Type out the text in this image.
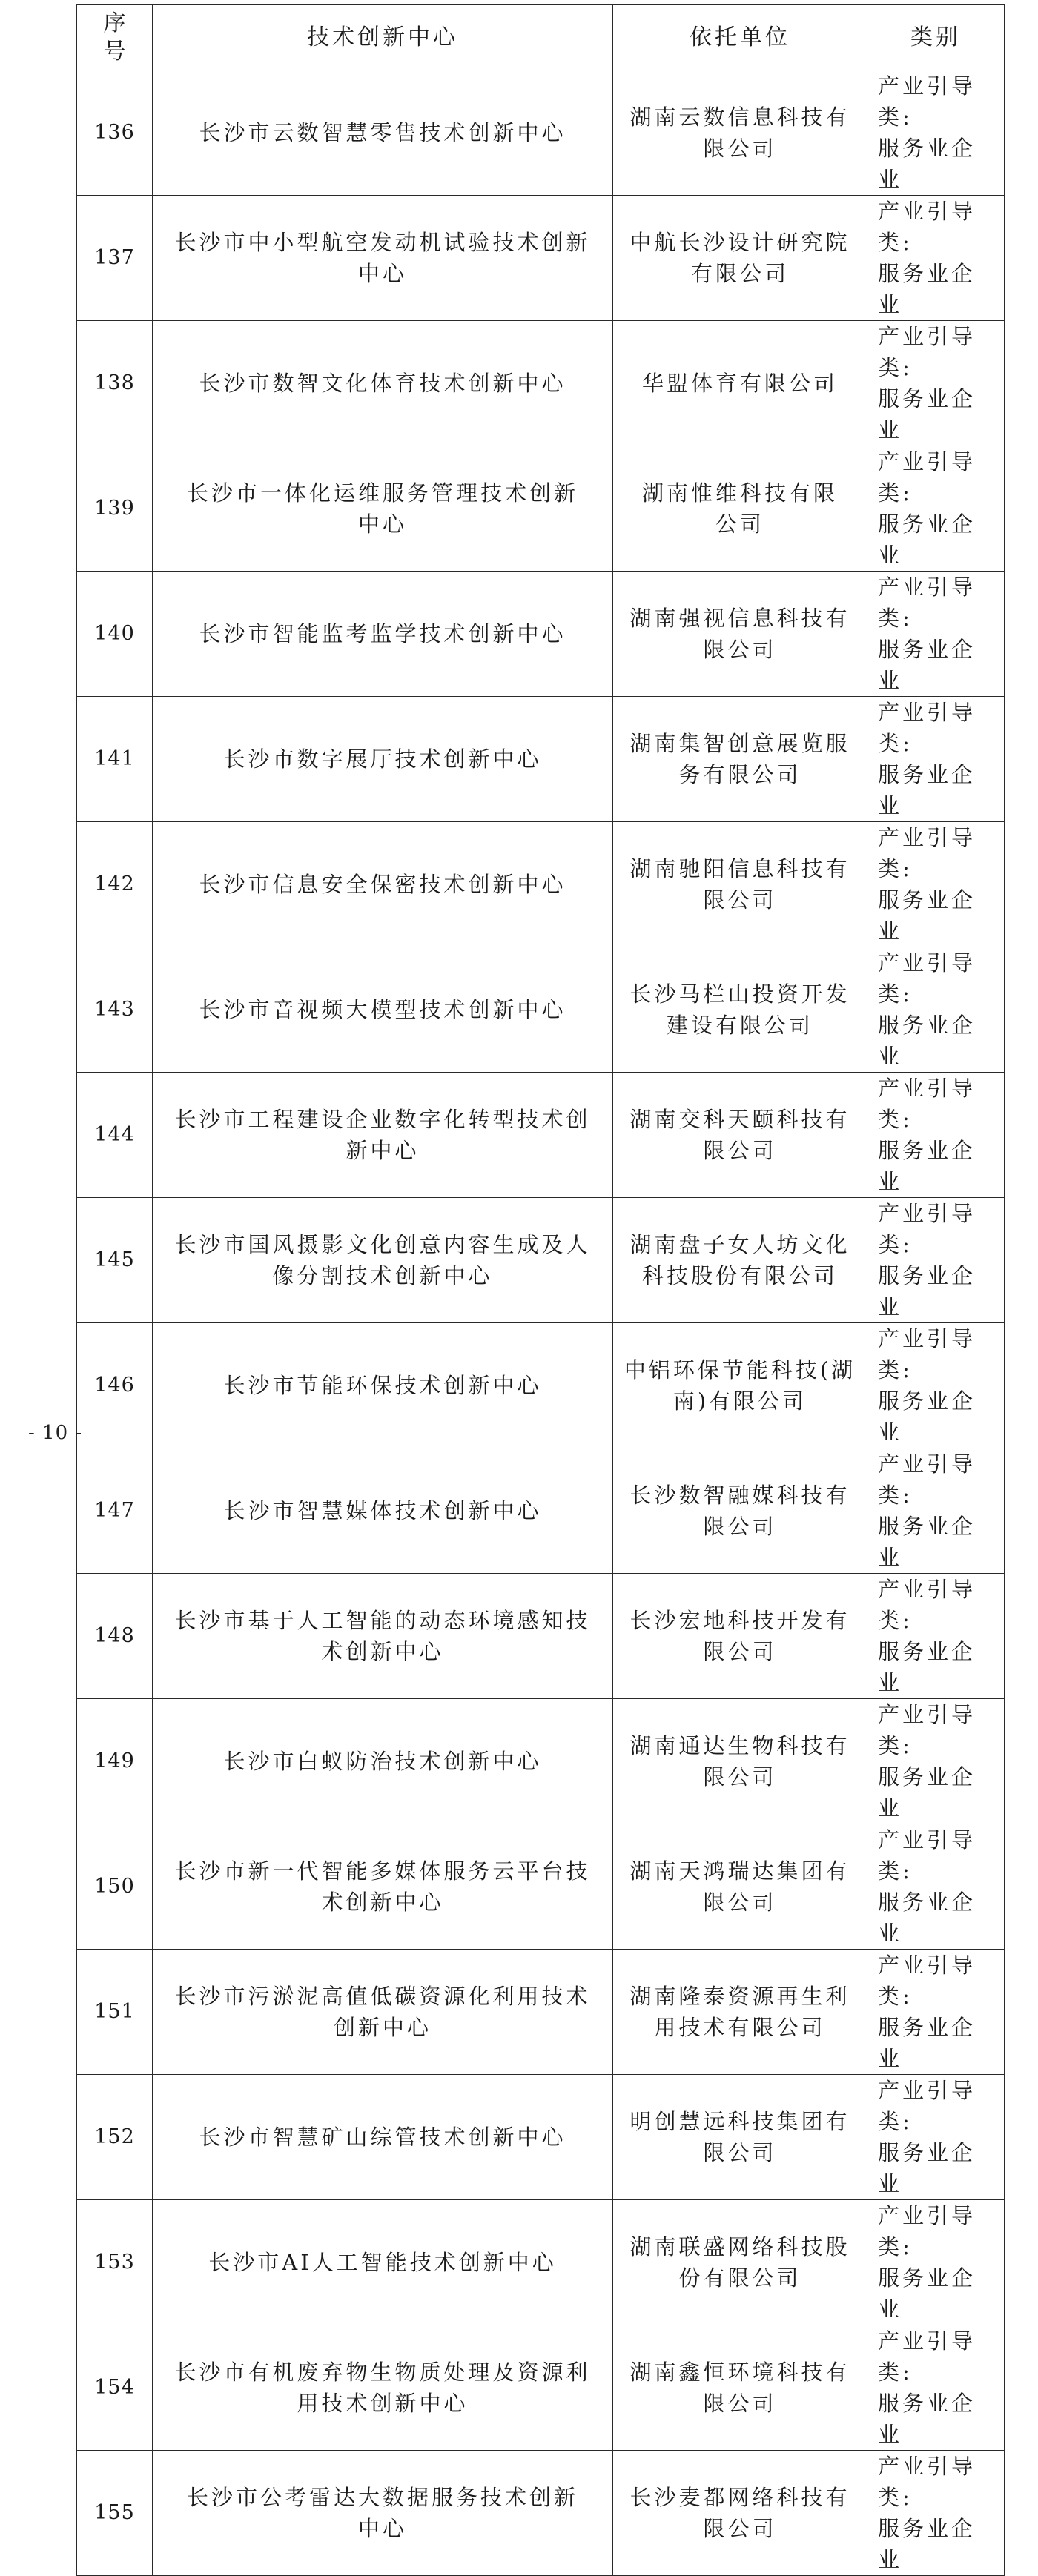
序
号	技术创新中心	依托单位	类别
136	长沙市云数智慧零售技术创新中心	湖南云数信息科技有
限公司	产业引导类:
服务业企业

137	长沙市中小型航空发动机试验技术创新
中心	中航长沙设计研究院
有限公司	产业引导类:
服务业企业

138	长沙市数智文化体育技术创新中心	华盟体育有限公司	产业引导类:
服务业企业

139	长沙市一体化运维服务管理技术创新
中心	湖南惟维科技有限
公司	产业引导类:
服务业企业

140	长沙市智能监考监学技术创新中心	湖南强视信息科技有
限公司	产业引导类:
服务业企业

141	长沙市数字展厅技术创新中心	湖南集智创意展览服
务有限公司	产业引导类:
服务业企业

142	长沙市信息安全保密技术创新中心	湖南驰阳信息科技有
限公司	产业引导类:
服务业企业

143	长沙市音视频大模型技术创新中心	长沙马栏山投资开发
建设有限公司	产业引导类:
服务业企业

144	长沙市工程建设企业数字化转型技术创
新中心	湖南交科天颐科技有
限公司	产业引导类:
服务业企业

145	长沙市国风摄影文化创意内容生成及人
像分割技术创新中心	湖南盘子女人坊文化
科技股份有限公司	产业引导类:
服务业企业

146	长沙市节能环保技术创新中心	中铝环保节能科技(湖
南)有限公司	产业引导类:
服务业企业

147	长沙市智慧媒体技术创新中心	长沙数智融媒科技有
限公司	产业引导类:
服务业企业

148	长沙市基于人工智能的动态环境感知技
术创新中心	长沙宏地科技开发有
限公司	产业引导类:
服务业企业

149	长沙市白蚁防治技术创新中心	湖南通达生物科技有
限公司	产业引导类:
服务业企业

150	长沙市新一代智能多媒体服务云平台技
术创新中心	湖南天鸿瑞达集团有
限公司	产业引导类:
服务业企业

151	长沙市污淤泥高值低碳资源化利用技术
创新中心	湖南隆泰资源再生利
用技术有限公司	产业引导类:
服务业企业

152	长沙市智慧矿山综管技术创新中心	明创慧远科技集团有
限公司	产业引导类:
服务业企业

153	长沙市AI人工智能技术创新中心	湖南联盛网络科技股
份有限公司	产业引导类:
服务业企业

154	长沙市有机废弃物生物质处理及资源利
用技术创新中心	湖南鑫恒环境科技有
限公司	产业引导类:
服务业企业

155	长沙市公考雷达大数据服务技术创新
中心	长沙麦都网络科技有
限公司	产业引导类:
服务业企业
- 10 -
